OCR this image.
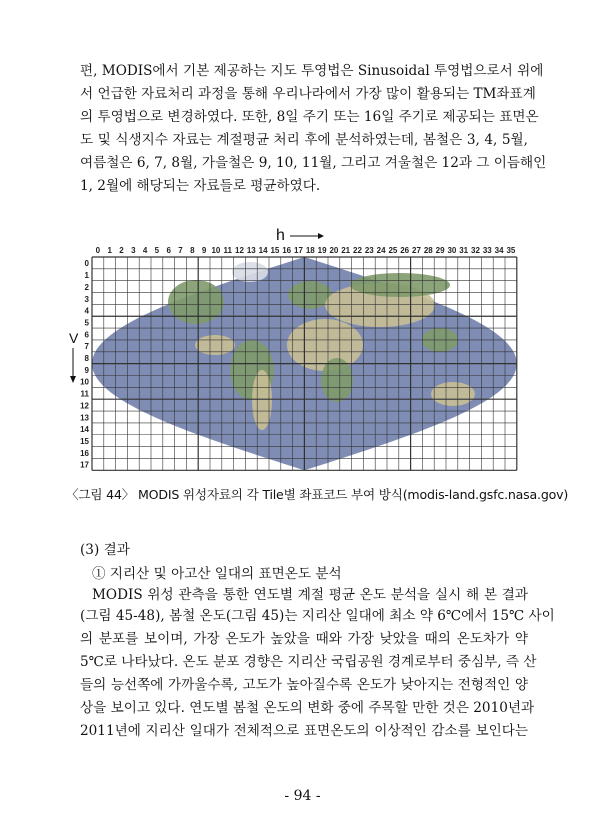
편, MODIS에서 기본 제공하는 지도 투영법은 Sinusoidal 투영법으로서 위에
서 언급한 자료처리 과정을 통해 우리나라에서 가장 많이 활용되는 TM좌표계
의 투영법으로 변경하였다. 또한, 8일 주기 또는 16일 주기로 제공되는 표면온
도 및 식생지수 자료는 계절평균 처리 후에 분석하였는데, 봄철은 3, 4, 5월,
여름철은 6, 7, 8월, 가을철은 9, 10, 11월, 그리고 겨울철은 12과 그 이듬해인
1, 2월에 해당되는 자료들로 평균하였다.
0 1 2 3 4 5 6 7 8 9 10 11 12 13 14 15 16 17 18 19 20 21 22 23 24 25 26 27 28 29 30 31 32 33 34 35
0
1
2
3
4
5
6
7
8
9
10
11
12
13
14
15
16
17
h
V
〈그림 44〉 MODIS 위성자료의 각 Tile별 좌표코드 부여 방식(modis-land.gsfc.nasa.gov)
(3) 결과
① 지리산 및 아고산 일대의 표면온도 분석
MODIS 위성 관측을 통한 연도별 계절 평균 온도 분석을 실시 해 본 결과
(그림 45-48), 봄철 온도(그림 45)는 지리산 일대에 최소 약 6℃에서 15℃ 사이
의 분포를 보이며, 가장 온도가 높았을 때와 가장 낮았을 때의 온도차가 약
5℃로 나타났다. 온도 분포 경향은 지리산 국립공원 경계로부터 중심부, 즉 산
들의 능선쪽에 가까울수록, 고도가 높아질수록 온도가 낮아지는 전형적인 양
상을 보이고 있다. 연도별 봄철 온도의 변화 중에 주목할 만한 것은 2010년과
2011년에 지리산 일대가 전체적으로 표면온도의 이상적인 감소를 보인다는
- 94 -
